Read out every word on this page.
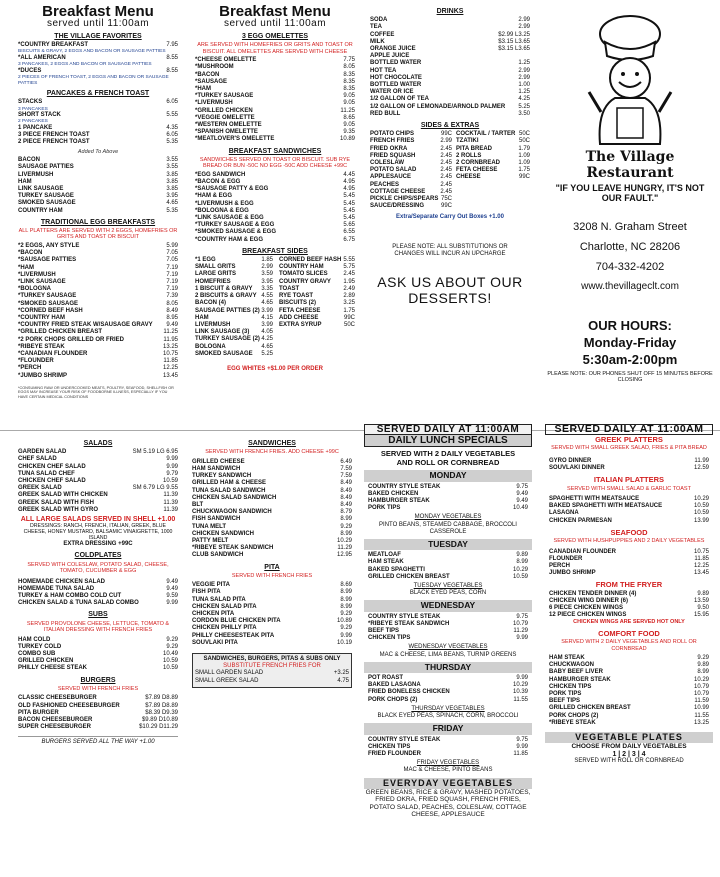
Breakfast Menu
served until 11:00am
THE VILLAGE FAVORITES
*COUNTRY BREAKFAST	7.95
BISCUITS & GRAVY, 2 EGGS AND BACON OR SAUSAGE PATTIES
*ALL AMERICAN	8.55
3 PANCAKES, 2 EGGS AND BACON OR SAUSAGE PATTIES
*DUCES	8.55
2 PIECES OF FRENCH TOAST, 2 EGGS AND BACON OR SAUSAGE PATTIES
PANCAKES & FRENCH TOAST
STACKS	6.05
3 PANCAKES
SHORT STACK	5.55
2 PANCAKES
1 PANCAKE	4.35
3 PIECE FRENCH TOAST	6.05
2 PIECE FRENCH TOAST	5.35
Added To Above
BACON	3.55
SAUSAGE PATTIES	3.55
LIVERMUSH	3.85
HAM	3.85
LINK SAUSAGE	3.85
TURKEY SAUSAGE	3.95
SMOKED SAUSAGE	4.65
COUNTRY HAM	5.35
TRADITIONAL EGG BREAKFASTS
ALL PLATTERS ARE SERVED WITH 2 EGGS, HOMEFRIES OR GRITS AND TOAST OR BISCUIT
*2 EGGS, ANY STYLE	5.99
*BACON	7.05
*SAUSAGE PATTIES	7.05
*HAM	7.19
*LIVERMUSH	7.19
*LINK SAUSAGE	7.19
*BOLOGNA	7.19
*TURKEY SAUSAGE	7.39
*SMOKED SAUSAGE	8.05
*CORNED BEEF HASH	8.49
*COUNTRY HAM	8.95
*COUNTRY FRIED STEAK W/SAUSAGE GRAVY 9.49
*GRILLED CHICKEN BREAST	11.25
*2 PORK CHOPS GRILLED OR FRIED	11.95
*RIBEYE STEAK	13.25
*CANADIAN FLOUNDER	10.75
*FLOUNDER	11.85
*PERCH	12.25
*JUMBO SHRIMP	13.45
*CONSUMING RAW OR UNDERCOOKED MEATS, POULTRY, SEAFOOD, SHELLFISH OR EGGS MAY INCREASE YOUR RISK OF FOODBORNE ILLNESS, ESPECIALLY IF YOU HAVE CERTAIN MEDICAL CONDITIONS
Breakfast Menu
served until 11:00am
3 EGG OMELETTES
ARE SERVED WITH HOMEFRIES OR GRITS AND TOAST OR BISCUIT. ALL OMELETTES ARE SERVED WITH CHEESE
*CHEESE OMELETTE	7.75
*MUSHROOM	8.05
*BACON	8.35
*SAUSAGE	8.35
*HAM	8.35
*TURKEY SAUSAGE	9.05
*LIVERMUSH	9.05
*GRILLED CHICKEN	11.25
*VEGGIE OMELETTE	8.65
*WESTERN OMELETTE	9.05
*SPANISH OMELETTE	9.35
*MEATLOVER'S OMELETTE	10.89
BREAKFAST SANDWICHES
SANDWICHES SERVED ON TOAST OR BISCUIT. SUB RYE BREAD OR BUN -50C NO EGG -50C ADD CHEESE +99C
*EGG SANDWICH	4.45
*BACON & EGG	4.95
*SAUSAGE PATTY & EGG	4.95
*HAM & EGG	5.45
*LIVERMUSH & EGG	5.45
*BOLOGNA & EGG	5.45
*LINK SAUSAGE & EGG	5.45
*TURKEY SAUSAGE & EGG	5.65
*SMOKED SAUSAGE & EGG	6.55
*COUNTRY HAM & EGG	6.75
BREAKFAST SIDES
*1 EGG	1.85
SMALL GRITS	2.99
LARGE GRITS	3.59
HOMEFRIES	3.95
1 BISCUIT & GRAVY 3.35
2 BISCUITS & GRAVY 4.55
BACON (4)	4.65
SAUSAGE PATTIES (2) 3.99
HAM	4.15
LIVERMUSH	3.99
LINK SAUSAGE (3) 4.05
TURKEY SAUSAGE (2) 4.25
BOLOGNA	4.65
SMOKED SAUSAGE 5.25
CORNED BEEF HASH 5.55
COUNTRY HAM	5.75
TOMATO SLICES	2.45
COUNTRY GRAVY 1.95
TOAST	2.49
RYE TOAST	2.89
BISCUITS (2)	3.25
FETA CHEESE	1.75
ADD CHEESE	99C
EXTRA SYRUP	50C
EGG WHITES +$1.00 PER ORDER
DRINKS
SODA	2.99
TEA	2.99
COFFEE	$2.99 L3.25
MILK	$3.15 L3.65
ORANGE JUICE	$3.15 L3.65
APPLE JUICE
BOTTLED WATER	1.25
HOT TEA	2.99
HOT CHOCOLATE	2.99
BOTTLED WATER	1.00
WATER OR ICE	1.25
1/2 GALLON OF TEA	4.25
1/2 GALLON OF LEMONADE/ARNOLD PALMER 5.25
RED BULL	3.50
SIDES & EXTRAS
POTATO CHIPS	99C
FRENCH FRIES	2.99
FRIED OKRA	2.45
FRIED SQUASH	2.45
COLESLAW	2.45
POTATO SALAD	2.45
APPLESAUCE	2.45
PEACHES	2.45
COTTAGE CHEESE	2.45
PICKLE CHIPS/SPEARS 75C
SAUCE/DRESSING	99C
COCKTAIL / TARTER 50C
TZATIKI	50C
PITA BREAD	1.79
2 ROLLS	1.09
2 CORNBREAD	1.09
FETA CHEESE	1.75
CHEESE	99C
Extra/Separate Carry Out Boxes +1.00
PLEASE NOTE: ALL SUBSTITUTIONS OR CHANGES WILL INCUR AN UPCHARGE
ASK US ABOUT OUR DESSERTS!
The Village Restaurant
"IF YOU LEAVE HUNGRY, IT'S NOT OUR FAULT."
3208 N. Graham Street
Charlotte, NC 28206
704-332-4202
www.thevillageclt.com
OUR HOURS:
Monday-Friday
5:30am-2:00pm
PLEASE NOTE: OUR PHONES SHUT OFF 15 MINUTES BEFORE CLOSING
SALADS
GARDEN SALAD	SM 5.19 LG 6.95
CHEF SALAD	9.99
CHICKEN CHEF SALAD	9.99
TUNA SALAD CHEF	9.79
CHICKEN CHEF SALAD	10.59
GREEK SALAD	SM 6.79 LG 9.55
GREEK SALAD WITH CHICKEN	11.39
GREEK SALAD WITH FISH	11.39
GREEK SALAD WITH GYRO	11.39
ALL LARGE SALADS SERVED IN SHELL +1.00
DRESSINGS: RANCH, FRENCH, ITALIAN, GREEK, BLUE CHEESE, HONEY MUSTARD, BALSAMIC VINAIGRETTE, 1000 ISLAND
EXTRA DRESSING +99C
COLDPLATES
SERVED WITH COLESLAW, POTATO SALAD, CHEESE, TOMATO, CUCUMBER & EGG
HOMEMADE CHICKEN SALAD	9.49
HOMEMADE TUNA SALAD	9.49
TURKEY & HAM COMBO COLD CUT	9.59
CHICKEN SALAD & TUNA SALAD COMBO	9.99
SUBS
SERVED PROVOLONE CHEESE, LETTUCE, TOMATO & ITALIAN DRESSING WITH FRENCH FRIES
HAM COLD	9.29
TURKEY COLD	9.29
COMBO SUB	10.49
GRILLED CHICKEN	10.59
PHILLY CHEESE STEAK	10.59
BURGERS
SERVED WITH FRENCH FRIES
CLASSIC CHEESEBURGER	$7.89 D8.89
OLD FASHIONED CHEESEBURGER	$7.89 D8.89
PITA BURGER	$8.39 D9.39
BACON CHEESEBURGER	$9.89 D10.89
SUPER CHEESEBURGER	$10.29 D11.29
BURGERS SERVED ALL THE WAY +1.00
SANDWICHES
SERVED WITH FRENCH FRIES. ADD CHEESE +99C
GRILLED CHEESE	6.49
HAM SANDWICH	7.59
TURKEY SANDWICH	7.59
GRILLED HAM & CHEESE	8.49
TUNA SALAD SANDWICH	8.49
CHICKEN SALAD SANDWICH	8.49
BLT	8.49
CHUCKWAGON SANDWICH	8.79
FISH SANDWICH	8.99
TUNA MELT	9.29
CHICKEN SANDWICH	8.99
PATTY MELT	10.29
*RIBEYE STEAK SANDWICH	11.29
CLUB SANDWICH	12.95
PITA
SERVED WITH FRENCH FRIES
VEGGIE PITA	8.69
FISH PITA	8.99
TUNA SALAD PITA	8.99
CHICKEN SALAD PITA	8.99
CHICKEN PITA	9.29
CORDON BLUE CHICKEN PITA	10.89
CHICKEN PHILLY PITA	9.29
PHILLY CHEESESTEAK PITA	9.99
SOUVLAKI PITA	10.19
SANDWICHES, BURGERS, PITAS & SUBS ONLY
SUBSTITUTE FRENCH FRIES FOR
SMALL GARDEN SALAD	+3.25
SMALL GREEK SALAD	4.75
SERVED DAILY AT 11:00AM
DAILY LUNCH SPECIALS
SERVED WITH 2 DAILY VEGETABLES AND ROLL OR CORNBREAD
MONDAY
COUNTRY STYLE STEAK	9.75
BAKED CHICKEN	9.49
HAMBURGER STEAK	9.49
PORK TIPS	10.49
MONDAY VEGETABLES
PINTO BEANS, STEAMED CABBAGE, BROCCOLI CASSEROLE
TUESDAY
MEATLOAF	9.89
HAM STEAK	8.99
BAKED SPAGHETTI	10.29
GRILLED CHICKEN BREAST	10.59
TUESDAY VEGETABLES
BLACK EYED PEAS, CORN
WEDNESDAY
COUNTRY STYLE STEAK	9.75
*RIBEYE STEAK SANDWICH	10.79
BEEF TIPS	11.29
CHICKEN TIPS	9.99
WEDNESDAY VEGETABLES
MAC & CHEESE, LIMA BEANS, TURNIP GREENS
THURSDAY
POT ROAST	9.99
BAKED LASAGNA	10.29
FRIED BONELESS CHICKEN	10.39
PORK CHOPS (2)	11.55
THURSDAY VEGETABLES
BLACK EYED PEAS, SPINACH, CORN, BROCCOLI
FRIDAY
COUNTRY STYLE STEAK	9.75
CHICKEN TIPS	9.99
FRIED FLOUNDER	11.85
FRIDAY VEGETABLES
MAC & CHEESE, PINTO BEANS
EVERYDAY VEGETABLES
GREEN BEANS, RICE & GRAVY, MASHED POTATOES, FRIED OKRA, FRIED SQUASH, FRENCH FRIES, POTATO SALAD, PEACHES, COLESLAW, COTTAGE CHEESE, APPLESAUCE
SERVED DAILY AT 11:00AM
GREEK PLATTERS
SERVED WITH SMALL GREEK SALAD, FRIES & PITA BREAD
GYRO DINNER	11.99
SOUVLAKI DINNER	12.59
ITALIAN PLATTERS
SERVED WITH SMALL SALAD & GARLIC TOAST
SPAGHETTI WITH MEATSAUCE	10.29
BAKED SPAGHETTI WITH MEATSAUCE	10.59
LASAGNA	10.59
CHICKEN PARMESAN	13.99
SEAFOOD
SERVED WITH HUSHPUPPIES AND 2 DAILY VEGETABLES
CANADIAN FLOUNDER	10.75
FLOUNDER	11.85
PERCH	12.25
JUMBO SHRIMP	13.45
FROM THE FRYER
CHICKEN TENDER DINNER (4)	9.89
CHICKEN WING DINNER (6)	13.59
6 PIECE CHICKEN WINGS	9.50
12 PIECE CHICKEN WINGS	15.95
CHICKEN WINGS ARE SERVED HOT ONLY
COMFORT FOOD
SERVED WITH 2 DAILY VEGETABLES AND ROLL OR CORNBREAD
HAM STEAK	9.29
CHUCKWAGON	9.89
BABY BEEF LIVER	8.99
HAMBURGER STEAK	10.29
CHICKEN TIPS	10.79
PORK TIPS	10.79
BEEF TIPS	11.59
GRILLED CHICKEN BREAST	10.99
PORK CHOPS (2)	11.55
*RIBEYE STEAK	13.25
VEGETABLE PLATES
CHOOSE FROM DAILY VEGETABLES
1 | 2 | 3 | 4
SERVED WITH ROLL OR CORNBREAD
